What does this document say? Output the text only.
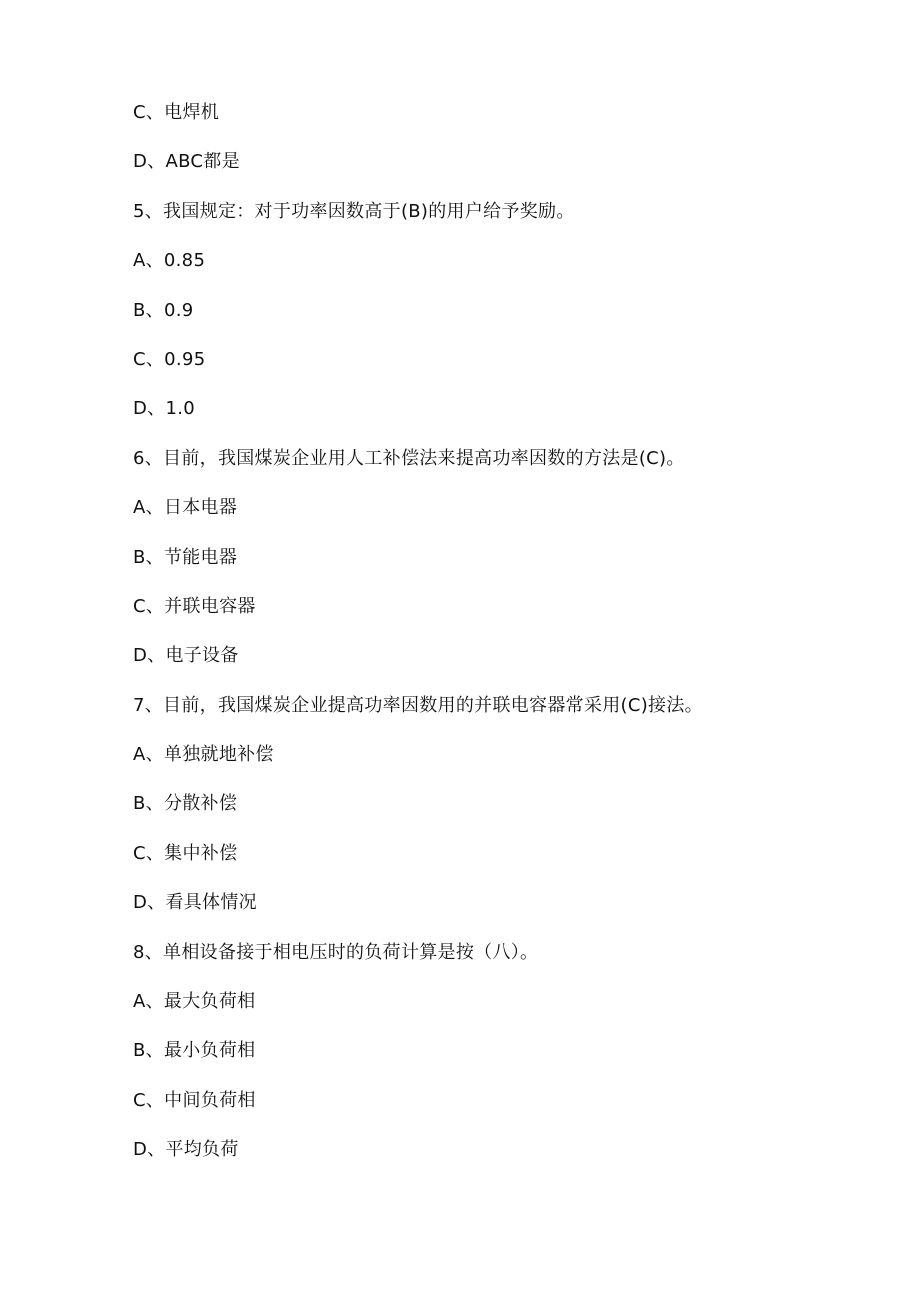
C、电焊机
D、ABC都是
5、我国规定：对于功率因数高于(B)的用户给予奖励。
A、0.85
B、0.9
C、0.95
D、1.0
6、目前，我国煤炭企业用人工补偿法来提高功率因数的方法是(C)。
A、日本电器
B、节能电器
C、并联电容器
D、电子设备
7、目前，我国煤炭企业提高功率因数用的并联电容器常采用(C)接法。
A、单独就地补偿
B、分散补偿
C、集中补偿
D、看具体情况
8、单相设备接于相电压时的负荷计算是按（八）。
A、最大负荷相
B、最小负荷相
C、中间负荷相
D、平均负荷
